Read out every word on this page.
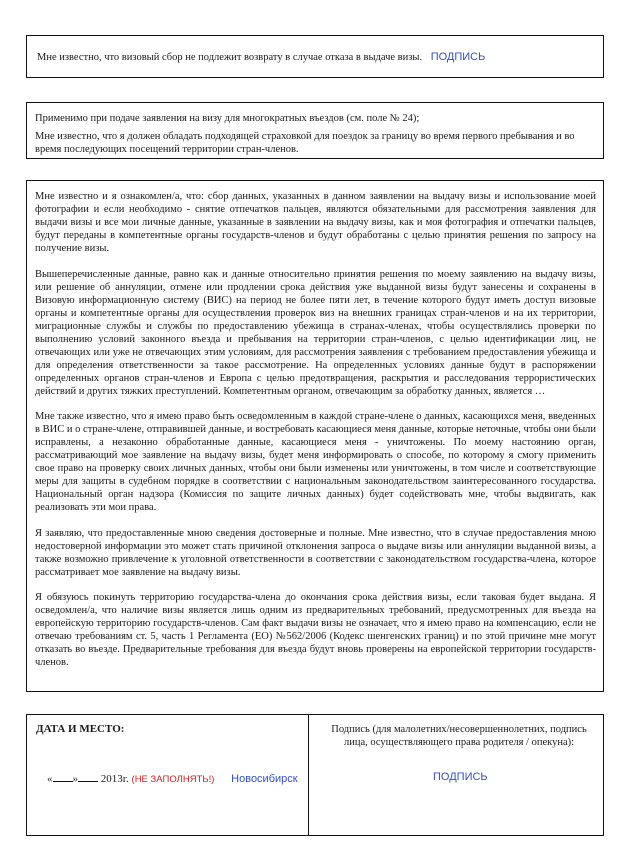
Мне известно, что визовый сбор не подлежит возврату в случае отказа в выдаче визы. ПОДПИСЬ

Применимо при подаче заявления на визу для многократных въездов (см. поле № 24);

Мне известно, что я должен обладать подходящей страховкой для поездок за границу во время первого пребывания и во время последующих посещений территории стран-членов.

Мне известно и я ознакомлен/а, что: сбор данных, указанных в данном заявлении на выдачу визы и использование моей фотографии и если необходимо - снятие отпечатков пальцев, являются обязательными для рассмотрения заявления для выдачи визы и все мои личные данные, указанные в заявлении на выдачу визы, как и моя фотография и отпечатки пальцев, будут переданы в компетентные органы государств-членов и будут обработаны с целью принятия решения по запросу на получение визы.

Вышеперечисленные данные, равно как и данные относительно принятия решения по моему заявлению на выдачу визы, или решение об аннуляции, отмене или продлении срока действия уже выданной визы будут занесены и сохранены в Визовую информационную систему (ВИС) на период не более пяти лет, в течение которого будут иметь доступ визовые органы и компетентные органы для осуществления проверок виз на внешних границах стран-членов и на их территории, миграционные службы и службы по предоставлению убежища в странах-членах, чтобы осуществлялись проверки по выполнению условий законного въезда и пребывания на территории стран-членов, с целью идентификации лиц, не отвечающих или уже не отвечающих этим условиям, для рассмотрения заявления с требованием предоставления убежища и для определения ответственности за такое рассмотрение. На определенных условиях данные будут в распоряжении определенных органов стран-членов и Европа с целью предотвращения, раскрытия и расследования террористических действий и других тяжких преступлений. Компетентным органом, отвечающим за обработку данных, является …

Мне также известно, что я имею право быть осведомленным в каждой стране-члене о данных, касающихся меня, введенных в ВИС и о стране-члене, отправившей данные, и востребовать касающиеся меня данные, которые неточные, чтобы они были исправлены, а незаконно обработанные данные, касающиеся меня - уничтожены. По моему настоянию орган, рассматривающий мое заявление на выдачу визы, будет меня информировать о способе, по которому я смогу применить свое право на проверку своих личных данных, чтобы они были изменены или уничтожены, в том числе и соответствующие меры для защиты в судебном порядке в соответствии с национальным законодательством заинтересованного государства. Национальный орган надзора (Комиссия по защите личных данных) будет содействовать мне, чтобы выдвигать, как реализовать эти мои права.

Я заявляю, что предоставленные мною сведения достоверные и полные. Мне известно, что в случае предоставления мною недостоверной информации это может стать причиной отклонения запроса о выдаче визы или аннуляции выданной визы, а также возможно привлечение к уголовной ответственности в соответствии с законодательством государства-члена, которое рассматривает мое заявление на выдачу визы.

Я обязуюсь покинуть территорию государства-члена до окончания срока действия визы, если таковая будет выдана. Я осведомлен/а, что наличие визы является лишь одним из предварительных требований, предусмотренных для въезда на европейскую территорию государств-членов. Сам факт выдачи визы не означает, что я имею право на компенсацию, если не отвечаю требованиям ст. 5, часть 1 Регламента (ЕО) №562/2006 (Кодекс шенгенских границ) и по этой причине мне могут отказать во въезде. Предварительные требования для въезда будут вновь проверены на европейской территории государств-членов.

ДАТА И МЕСТО:
« » 2013г. (НЕ ЗАПОЛНЯТЬ!) Новосибирск
Подпись (для малолетних/несовершеннолетних, подпись лица, осуществляющего права родителя / опекуна):
ПОДПИСЬ
